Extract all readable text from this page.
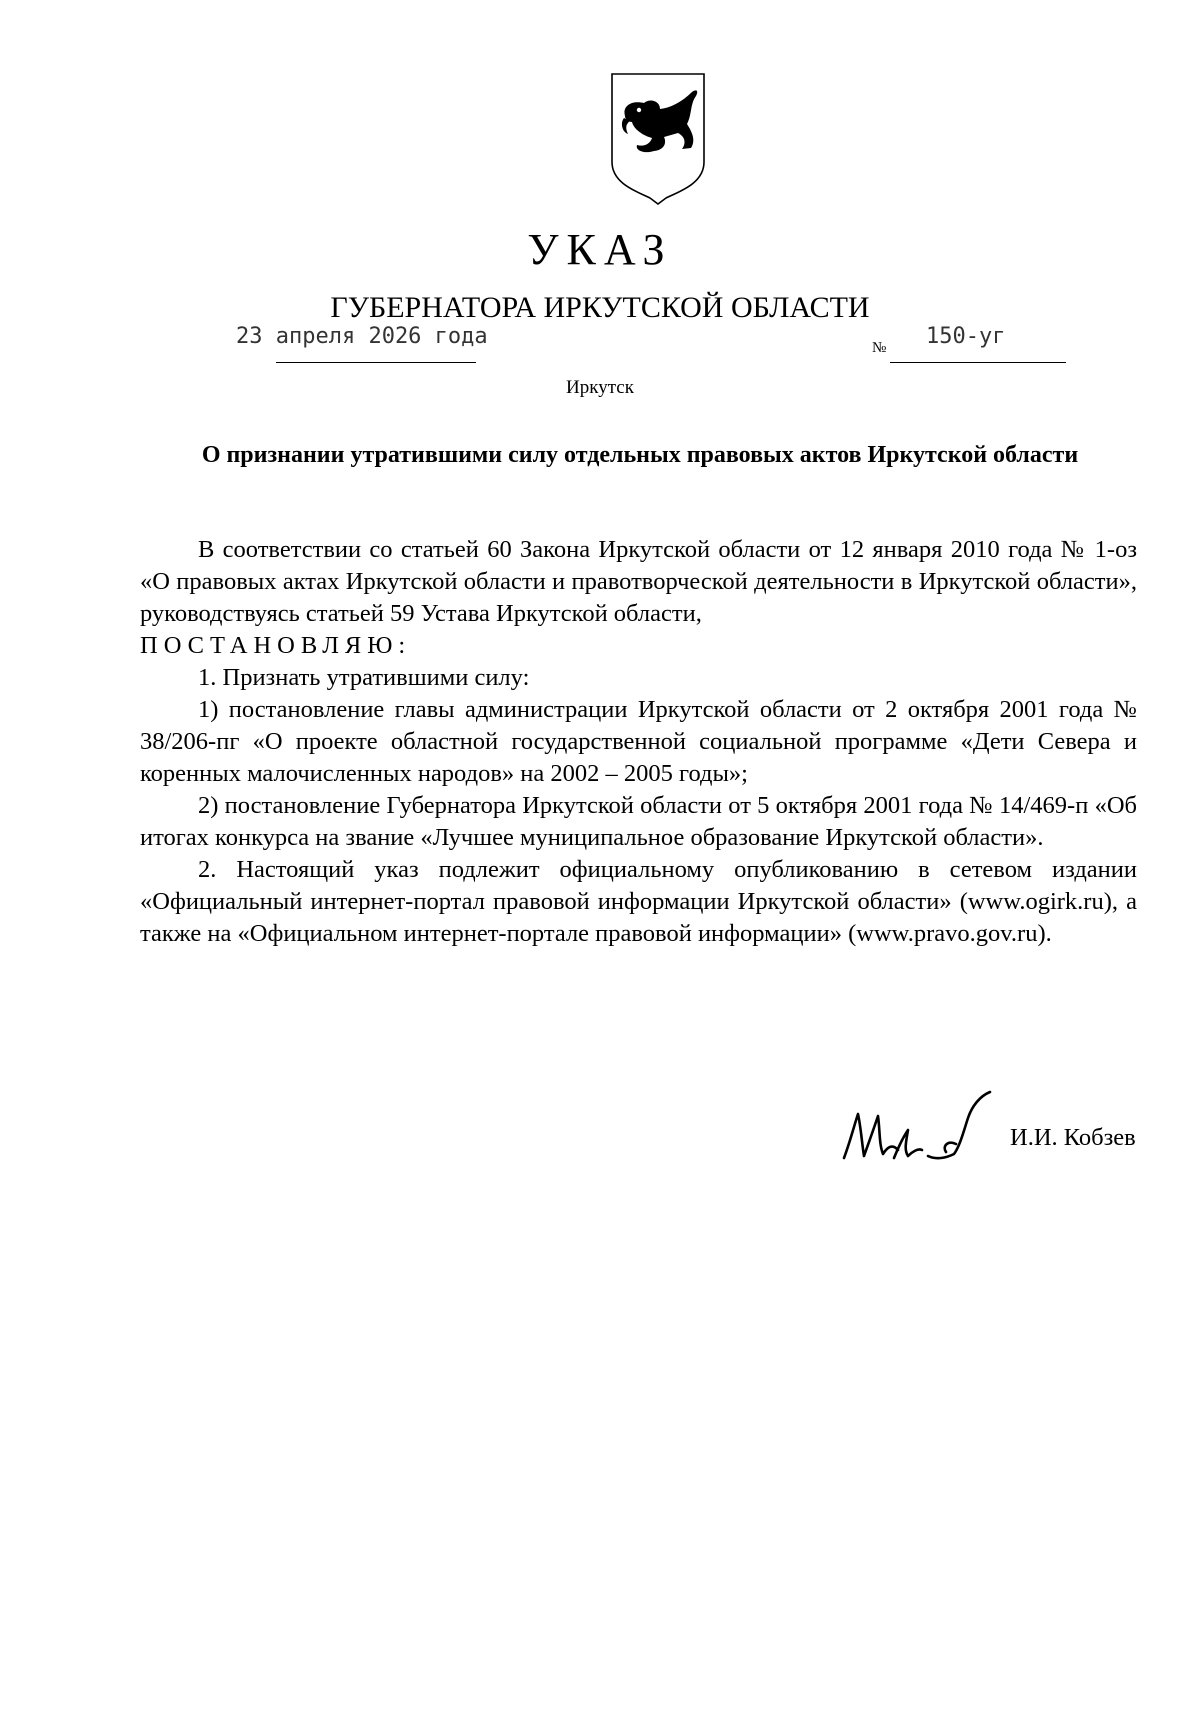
УКАЗ
ГУБЕРНАТОРА ИРКУТСКОЙ ОБЛАСТИ
23 апреля 2026 года	№ 150-уг
Иркутск
О признании утратившими силу отдельных правовых актов Иркутской области

В соответствии со статьей 60 Закона Иркутской области от 12 января 2010 года № 1-оз «О правовых актах Иркутской области и правотворческой деятельности в Иркутской области», руководствуясь статьей 59 Устава Иркутской области,

ПОСТАНОВЛЯЮ:

1. Признать утратившими силу:

1) постановление главы администрации Иркутской области от 2 октября 2001 года № 38/206-пг «О проекте областной государственной социальной программе «Дети Севера и коренных малочисленных народов» на 2002 – 2005 годы»;

2) постановление Губернатора Иркутской области от 5 октября 2001 года № 14/469-п «Об итогах конкурса на звание «Лучшее муниципальное образование Иркутской области».

2. Настоящий указ подлежит официальному опубликованию в сетевом издании «Официальный интернет-портал правовой информации Иркутской области» (www.ogirk.ru), а также на «Официальном интернет-портале правовой информации» (www.pravo.gov.ru).

И.И. Кобзев
